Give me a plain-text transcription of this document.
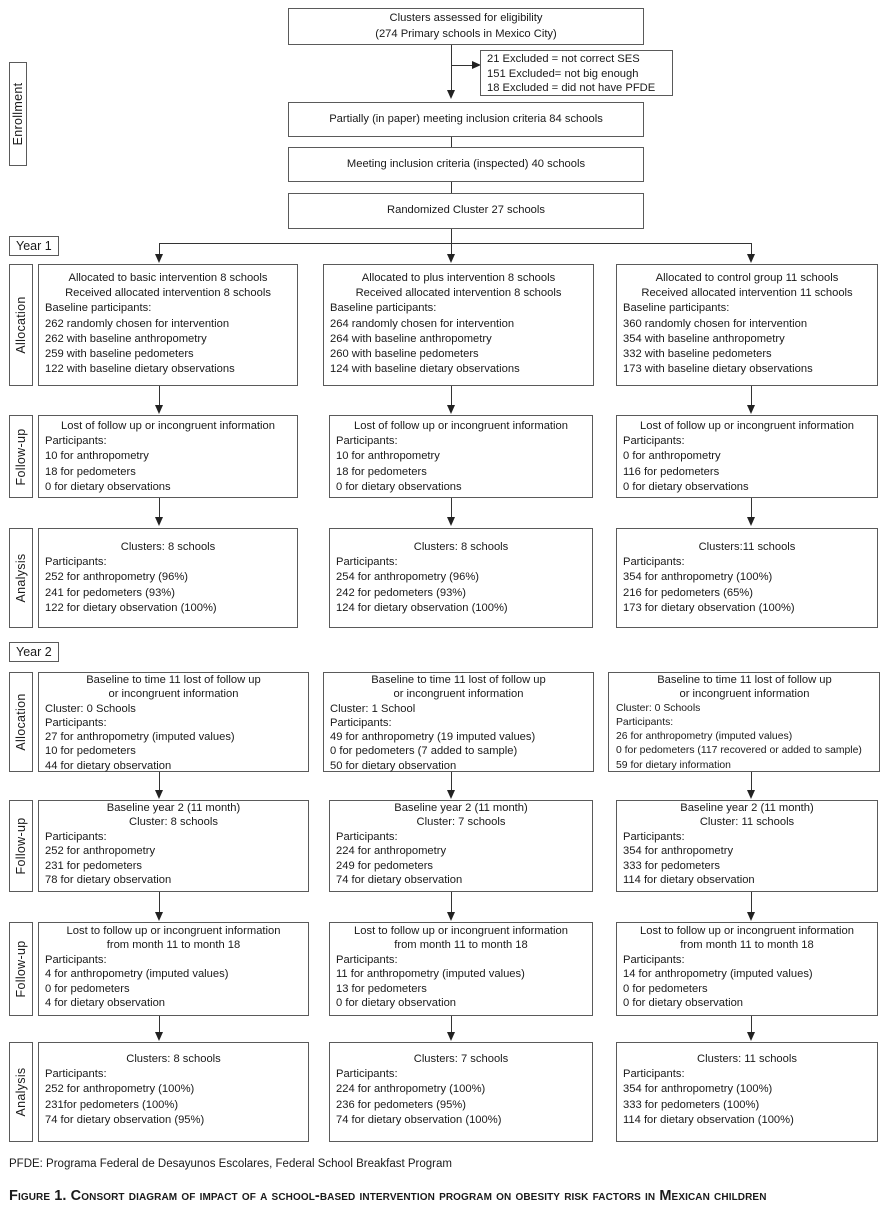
Clusters assessed for eligibility
(274 Primary schools in Mexico City)
21 Excluded = not correct SES
151 Excluded= not big enough
18 Excluded = did not have PFDE
Enrollment	Partially (in paper) meeting inclusion criteria 84 schools
Meeting inclusion criteria (inspected) 40 schools
Randomized Cluster 27 schools
Year 1
Allocation
Follow-up
Analysis
Allocated to basic intervention 8 schools
Received allocated intervention 8 schools
Baseline participants:
262 randomly chosen for intervention
262 with baseline anthropometry
259 with baseline pedometers
122 with baseline dietary observations
Allocated to plus intervention 8 schools
Received allocated intervention 8 schools
Baseline participants:
264 randomly chosen for intervention
264 with baseline anthropometry
260 with baseline pedometers
124 with baseline dietary observations
Allocated to control group 11 schools
Received allocated intervention 11 schools
Baseline participants:
360 randomly chosen for intervention
354 with baseline anthropometry
332 with baseline pedometers
173 with baseline dietary observations
Lost of follow up or incongruent information
Participants:
10 for anthropometry
18 for pedometers
0 for dietary observations
Lost of follow up or incongruent information
Participants:
10 for anthropometry
18 for pedometers
0 for dietary observations
Lost of follow up or incongruent information
Participants:
0 for anthropometry
116 for pedometers
0 for dietary observations
Clusters: 8 schools
Participants:
252 for anthropometry (96%)
241 for pedometers (93%)
122 for dietary observation (100%)
Clusters: 8 schools
Participants:
254 for anthropometry (96%)
242 for pedometers (93%)
124 for dietary observation (100%)
Clusters:11 schools
Participants:
354 for anthropometry (100%)
216 for pedometers (65%)
173 for dietary observation (100%)
Year 2
Allocation
Follow-up
Follow-up
Analysis
Baseline to time 11 lost of follow up
or incongruent information
Cluster: 0 Schools
Participants:
27 for anthropometry (imputed values)
10 for pedometers
44 for dietary observation
Baseline to time 11 lost of follow up
or incongruent information
Cluster: 1 School
Participants:
49 for anthropometry (19 imputed values)
0 for pedometers (7 added to sample)
50 for dietary observation
Baseline to time 11 lost of follow up
or incongruent information
Cluster: 0 Schools
Participants:
26 for anthropometry (imputed values)
0 for pedometers (117 recovered or added to sample)
59 for dietary information
Baseline year 2 (11 month)
Cluster: 8 schools
Participants:
252 for anthropometry
231 for pedometers
78 for dietary observation
Baseline year 2 (11 month)
Cluster: 7 schools
Participants:
224 for anthropometry
249 for pedometers
74 for dietary observation
Baseline year 2 (11 month)
Cluster: 11 schools
Participants:
354 for anthropometry
333 for pedometers
114 for dietary observation
Lost to follow up or incongruent information
from month 11 to month 18
Participants:
4 for anthropometry (imputed values)
0 for pedometers
4 for dietary observation
Lost to follow up or incongruent information
from month 11 to month 18
Participants:
11 for anthropometry (imputed values)
13 for pedometers
0 for dietary observation
Lost to follow up or incongruent information
from month 11 to month 18
Participants:
14 for anthropometry (imputed values)
0 for pedometers
0 for dietary observation
Clusters: 8 schools
Participants:
252 for anthropometry (100%)
231for pedometers (100%)
74 for dietary observation (95%)
Clusters: 7 schools
Participants:
224 for anthropometry (100%)
236 for pedometers (95%)
74 for dietary observation (100%)
Clusters: 11 schools
Participants:
354 for anthropometry (100%)
333 for pedometers (100%)
114 for dietary observation (100%)
PFDE: Programa Federal de Desayunos Escolares, Federal School Breakfast Program
Figure 1. Consort diagram of impact of a school-based intervention program on obesity risk factors in Mexican children
